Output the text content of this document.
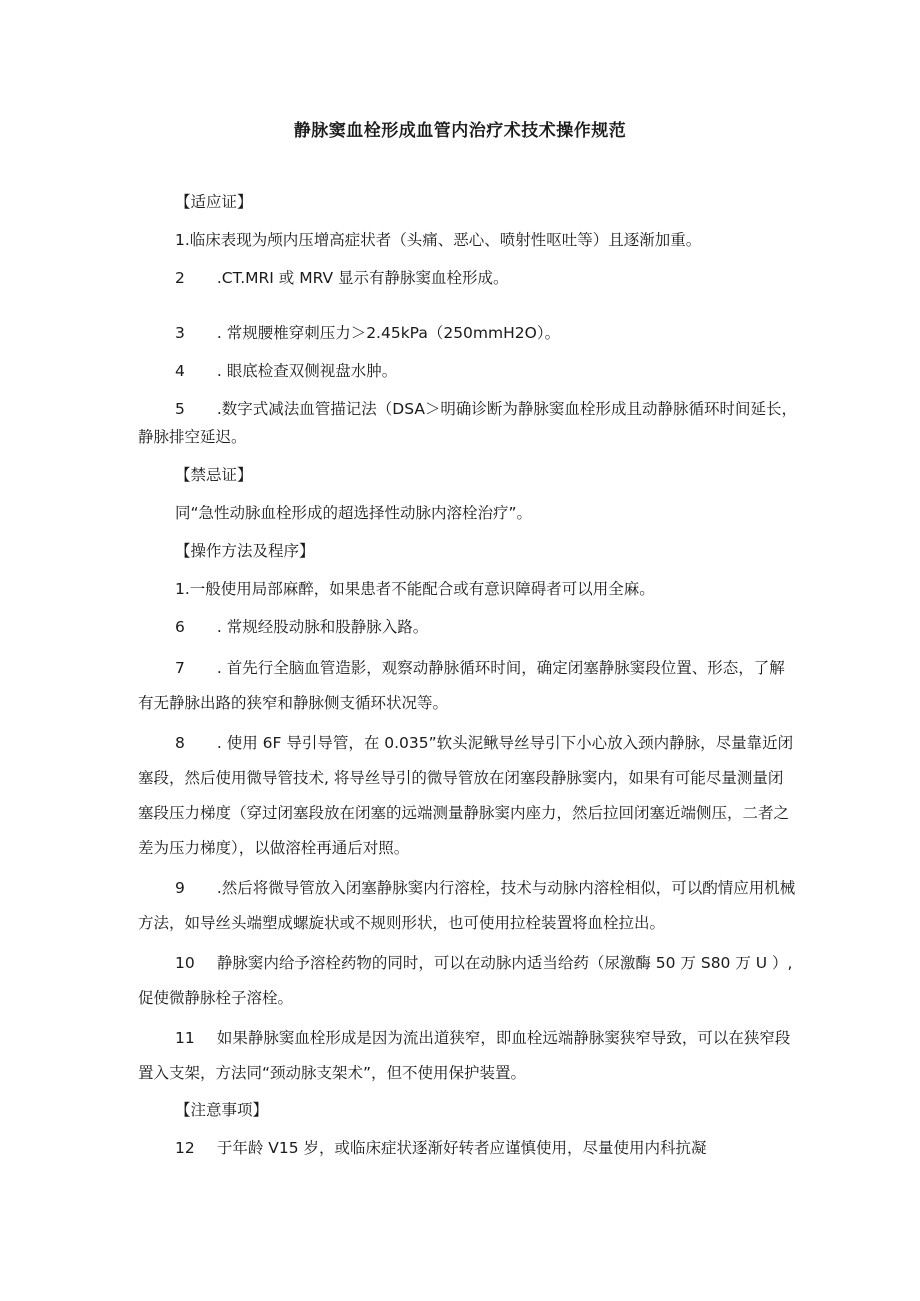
静脉窦血栓形成血管内治疗术技术操作规范

【适应证】

1.临床表现为颅内压增高症状者（头痛、恶心、喷射性呕吐等）且逐渐加重。

2	.CT.MRI 或 MRV 显示有静脉窦血栓形成。

3	. 常规腰椎穿刺压力＞2.45kPa（250mmH2O）。

4	. 眼底检查双侧视盘水肿。

5	.数字式减法血管描记法（DSA＞明确诊断为静脉窦血栓形成且动静脉循环时间延长，静脉排空延迟。

【禁忌证】

同“急性动脉血栓形成的超选择性动脉内溶栓治疗”。

【操作方法及程序】

1.一般使用局部麻醉，如果患者不能配合或有意识障碍者可以用全麻。

6	. 常规经股动脉和股静脉入路。

7	. 首先行全脑血管造影，观察动静脉循环时间，确定闭塞静脉窦段位置、形态，了解有无静脉出路的狭窄和静脉侧支循环状况等。

8	. 使用 6F 导引导管，在 0.035”软头泥鳅导丝导引下小心放入颈内静脉，尽量靠近闭塞段，然后使用微导管技术, 将导丝导引的微导管放在闭塞段静脉窦内，如果有可能尽量测量闭塞段压力梯度（穿过闭塞段放在闭塞的远端测量静脉窦内座力，然后拉回闭塞近端侧压，二者之差为压力梯度），以做溶栓再通后对照。

9	.然后将微导管放入闭塞静脉窦内行溶栓，技术与动脉内溶栓相似，可以酌情应用机械方法，如导丝头端塑成螺旋状或不规则形状，也可使用拉栓装置将血栓拉出。

10	静脉窦内给予溶栓药物的同时，可以在动脉内适当给药（尿激酶 50 万 S80 万 U ）,促使微静脉栓子溶栓。

11	如果静脉窦血栓形成是因为流出道狭窄，即血栓远端静脉窦狭窄导致，可以在狭窄段置入支架，方法同“颈动脉支架术”，但不使用保护装置。

【注意事项】

12	于年龄 V15 岁，或临床症状逐渐好转者应谨慎使用，尽量使用内科抗凝
